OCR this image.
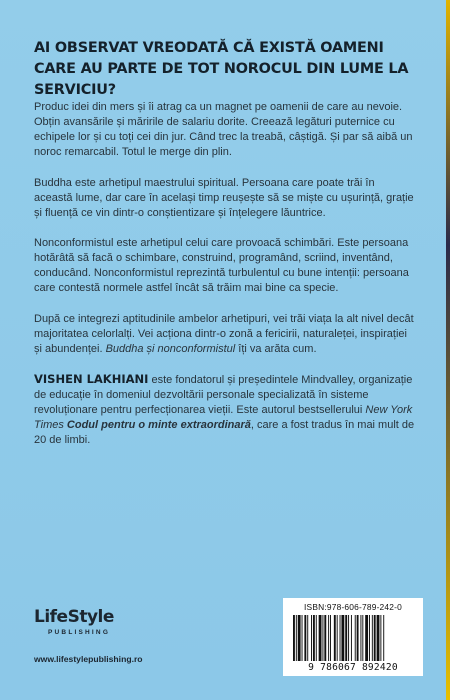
AI OBSERVAT VREODATĂ CĂ EXISTĂ OAMENI CARE AU PARTE DE TOT NOROCUL DIN LUME LA SERVICIU?

Produc idei din mers și îi atrag ca un magnet pe oamenii de care au nevoie. Obțin avansările și măririle de salariu dorite. Creează legături puternice cu echipele lor și cu toți cei din jur. Când trec la treabă, câștigă. Și par să aibă un noroc remarcabil. Totul le merge din plin.

Buddha este arhetipul maestrului spiritual. Persoana care poate trăi în această lume, dar care în același timp reușește să se miște cu ușurință, grație și fluență ce vin dintr-o conștientizare și înțelegere lăuntrice.

Nonconformistul este arhetipul celui care provoacă schimbări. Este persoana hotărâtă să facă o schimbare, construind, programând, scriind, inventând, conducând. Nonconformistul reprezintă turbulentul cu bune intenții: persoana care contestă normele astfel încât să trăim mai bine ca specie.

După ce integrezi aptitudinile ambelor arhetipuri, vei trăi viața la alt nivel decât majoritatea celorlalți. Vei acționa dintr-o zonă a fericirii, naturaleței, inspirației și abundenței. Buddha și nonconformistul îți va arăta cum.

VISHEN LAKHIANI este fondatorul și președintele Mindvalley, organizație de educație în domeniul dezvoltării personale specializată în sisteme revoluționare pentru perfecționarea vieții. Este autorul bestsellerului New York Times Codul pentru o minte extraordinară, care a fost tradus în mai mult de 20 de limbi.

LifeStyle
PUBLISHING
www.lifestylepublishing.ro
ISBN:978-606-789-242-0
9 786067 892420
